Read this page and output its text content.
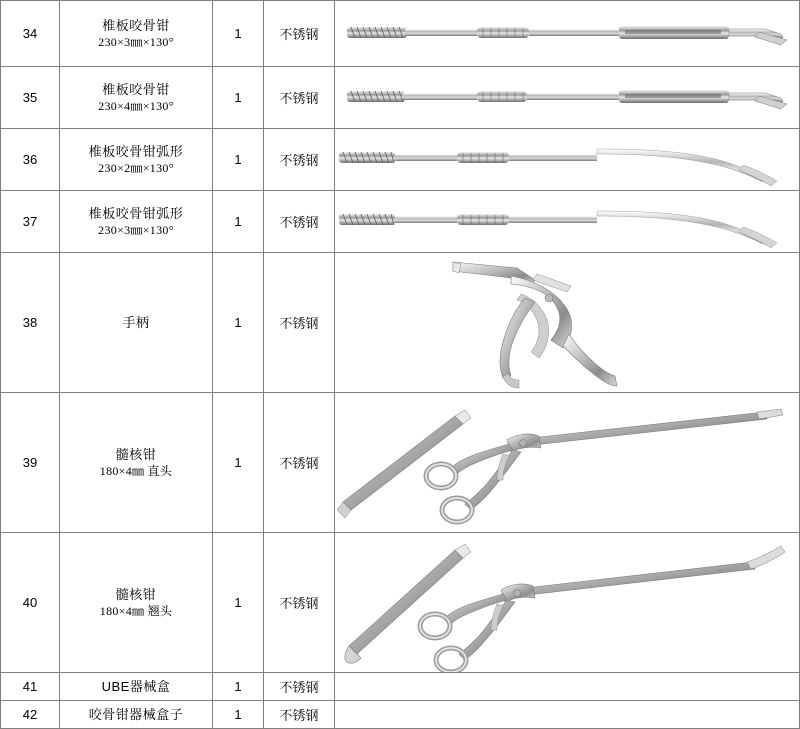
34	椎板咬骨钳
230×3㎜×130°	1	不锈钢	

35	椎板咬骨钳
230×4㎜×130°	1	不锈钢	

36	椎板咬骨钳弧形
230×2㎜×130°	1	不锈钢	

37	椎板咬骨钳弧形
230×3㎜×130°	1	不锈钢	

38	手柄	1	不锈钢	

39	髓核钳
180×4㎜ 直头	1	不锈钢	

40	髓核钳
180×4㎜ 翘头	1	不锈钢	

41	UBE器械盒	1	不锈钢	

42	咬骨钳器械盒子	1	不锈钢	
